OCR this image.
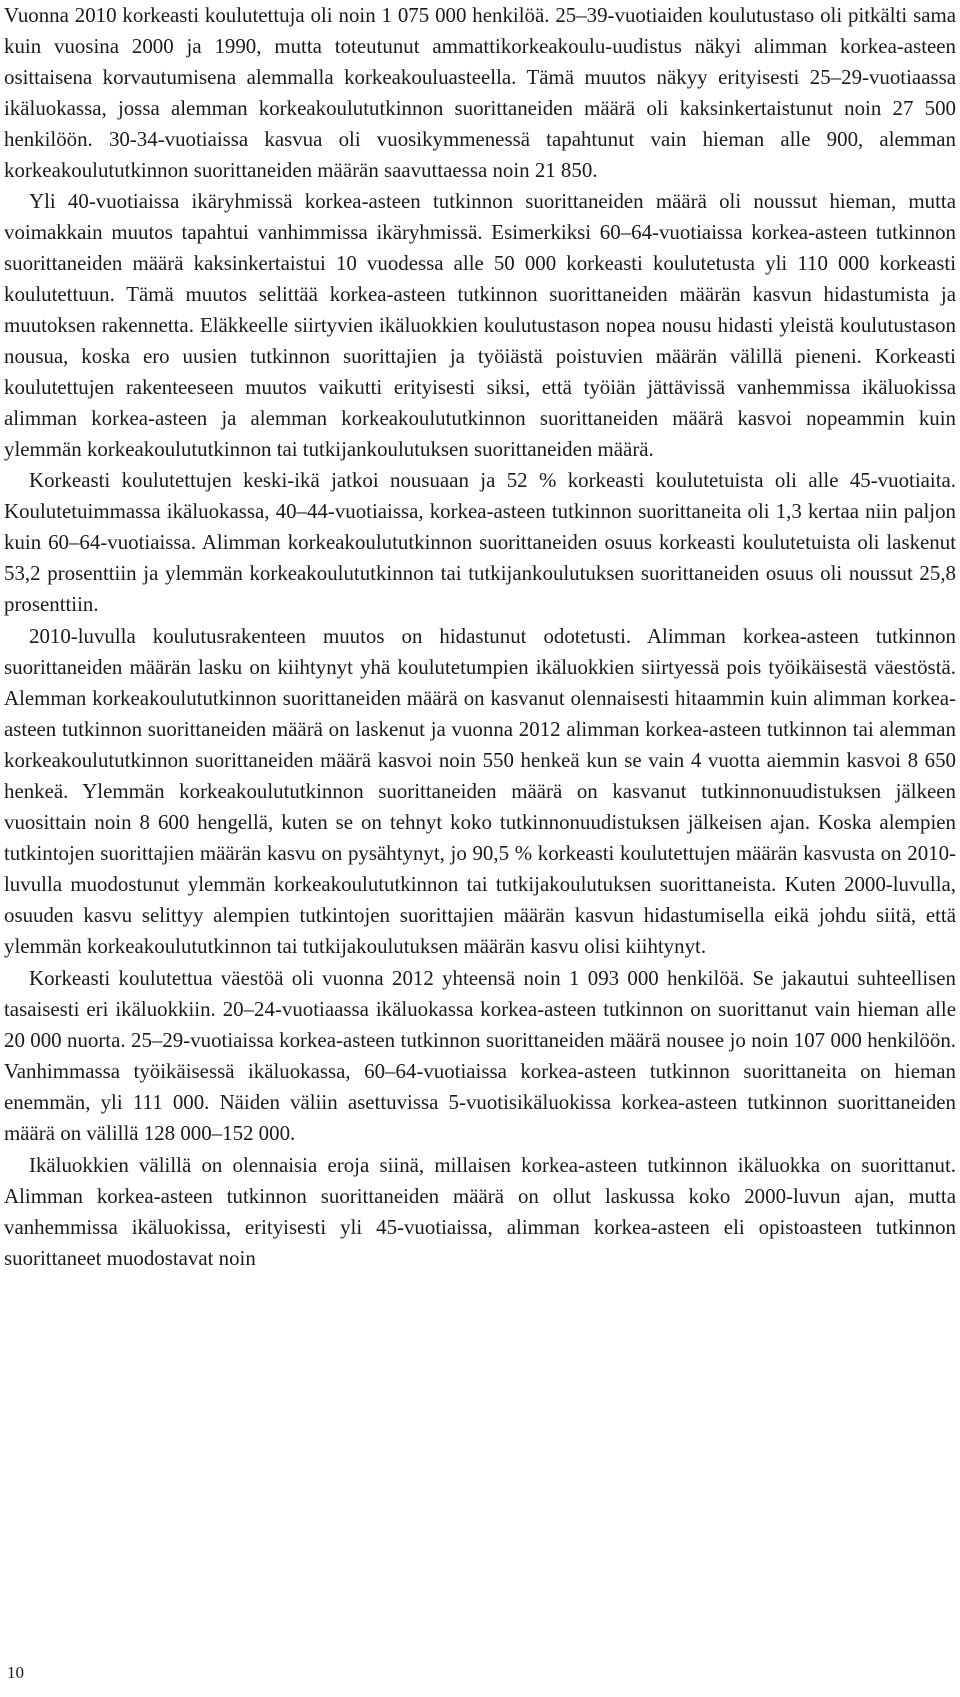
Vuonna 2010 korkeasti koulutettuja oli noin 1 075 000 henkilöä. 25–39-vuotiaiden koulutustaso oli pitkälti sama kuin vuosina 2000 ja 1990, mutta toteutunut ammattikorkeakoulu-uudistus näkyi alimman korkea-asteen osittaisena korvautumisena alemmalla korkeakouluasteella. Tämä muutos näkyy erityisesti 25–29-vuotiaassa ikäluokassa, jossa alemman korkeakoulututkinnon suorittaneiden määrä oli kaksinkertaistunut noin 27 500 henkilöön. 30-34-vuotiaissa kasvua oli vuosikymmenessä tapahtunut vain hieman alle 900, alemman korkeakoulututkinnon suorittaneiden määrän saavuttaessa noin 21 850.

Yli 40-vuotiaissa ikäryhmissä korkea-asteen tutkinnon suorittaneiden määrä oli noussut hieman, mutta voimakkain muutos tapahtui vanhimmissa ikäryhmissä. Esimerkiksi 60–64-vuotiaissa korkea-asteen tutkinnon suorittaneiden määrä kaksinkertaistui 10 vuodessa alle 50 000 korkeasti koulutetusta yli 110 000 korkeasti koulutettuun. Tämä muutos selittää korkea-asteen tutkinnon suorittaneiden määrän kasvun hidastumista ja muutoksen rakennetta. Eläkkeelle siirtyvien ikäluokkien koulutustason nopea nousu hidasti yleistä koulutustason nousua, koska ero uusien tutkinnon suorittajien ja työiästä poistuvien määrän välillä pieneni. Korkeasti koulutettujen rakenteeseen muutos vaikutti erityisesti siksi, että työiän jättävissä vanhemmissa ikäluokissa alimman korkea-asteen ja alemman korkeakoulututkinnon suorittaneiden määrä kasvoi nopeammin kuin ylemmän korkeakoulututkinnon tai tutkijankoulutuksen suorittaneiden määrä.

Korkeasti koulutettujen keski-ikä jatkoi nousuaan ja 52 % korkeasti koulutetuista oli alle 45-vuotiaita. Koulutetuimmassa ikäluokassa, 40–44-vuotiaissa, korkea-asteen tutkinnon suorittaneita oli 1,3 kertaa niin paljon kuin 60–64-vuotiaissa. Alimman korkeakoulututkinnon suorittaneiden osuus korkeasti koulutetuista oli laskenut 53,2 prosenttiin ja ylemmän korkeakoulututkinnon tai tutkijankoulutuksen suorittaneiden osuus oli noussut 25,8 prosenttiin.

2010-luvulla koulutusrakenteen muutos on hidastunut odotetusti. Alimman korkea-asteen tutkinnon suorittaneiden määrän lasku on kiihtynyt yhä koulutetumpien ikäluokkien siirtyessä pois työikäisestä väestöstä. Alemman korkeakoulututkinnon suorittaneiden määrä on kasvanut olennaisesti hitaammin kuin alimman korkea-asteen tutkinnon suorittaneiden määrä on laskenut ja vuonna 2012 alimman korkea-asteen tutkinnon tai alemman korkeakoulututkinnon suorittaneiden määrä kasvoi noin 550 henkeä kun se vain 4 vuotta aiemmin kasvoi 8 650 henkeä. Ylemmän korkeakoulututkinnon suorittaneiden määrä on kasvanut tutkinnonuudistuksen jälkeen vuosittain noin 8 600 hengellä, kuten se on tehnyt koko tutkinnonuudistuksen jälkeisen ajan. Koska alempien tutkintojen suorittajien määrän kasvu on pysähtynyt, jo 90,5 % korkeasti koulutettujen määrän kasvusta on 2010-luvulla muodostunut ylemmän korkeakoulututkinnon tai tutkijakoulutuksen suorittaneista. Kuten 2000-luvulla, osuuden kasvu selittyy alempien tutkintojen suorittajien määrän kasvun hidastumisella eikä johdu siitä, että ylemmän korkeakoulututkinnon tai tutkijakoulutuksen määrän kasvu olisi kiihtynyt.

Korkeasti koulutettua väestöä oli vuonna 2012 yhteensä noin 1 093 000 henkilöä. Se jakautui suhteellisen tasaisesti eri ikäluokkiin. 20–24-vuotiaassa ikäluokassa korkea-asteen tutkinnon on suorittanut vain hieman alle 20 000 nuorta. 25–29-vuotiaissa korkea-asteen tutkinnon suorittaneiden määrä nousee jo noin 107 000 henkilöön. Vanhimmassa työikäisessä ikäluokassa, 60–64-vuotiaissa korkea-asteen tutkinnon suorittaneita on hieman enemmän, yli 111 000. Näiden väliin asettuvissa 5-vuotisikäluokissa korkea-asteen tutkinnon suorittaneiden määrä on välillä 128 000–152 000.

Ikäluokkien välillä on olennaisia eroja siinä, millaisen korkea-asteen tutkinnon ikäluokka on suorittanut. Alimman korkea-asteen tutkinnon suorittaneiden määrä on ollut laskussa koko 2000-luvun ajan, mutta vanhemmissa ikäluokissa, erityisesti yli 45-vuotiaissa, alimman korkea-asteen eli opistoasteen tutkinnon suorittaneet muodostavat noin

10
